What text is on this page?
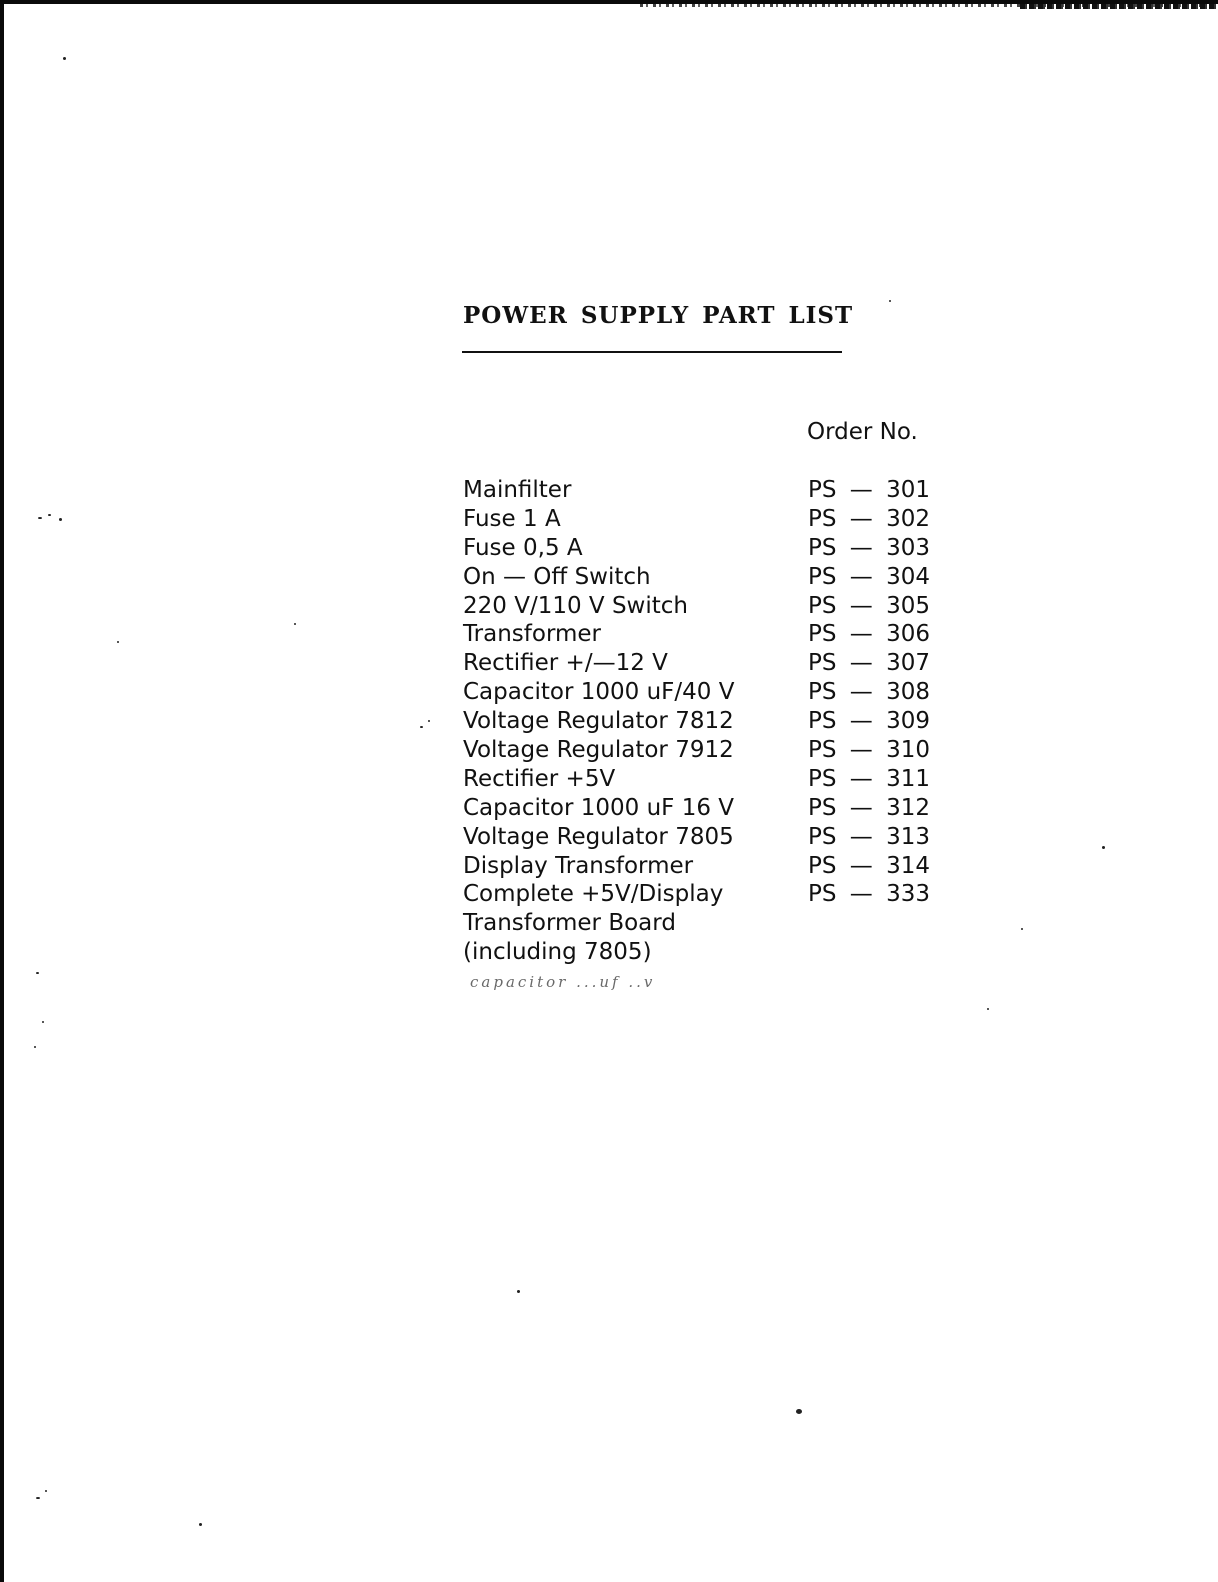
POWER SUPPLY PART LIST
Order No.
Mainfilter	PS — 301
Fuse 1 A	PS — 302
Fuse 0,5 A	PS — 303
On — Off Switch	PS — 304
220 V/110 V Switch	PS — 305
Transformer	PS — 306
Rectifier +/—12 V	PS — 307
Capacitor 1000 uF/40 V	PS — 308
Voltage Regulator 7812	PS — 309
Voltage Regulator 7912	PS — 310
Rectifier +5V	PS — 311
Capacitor 1000 uF 16 V	PS — 312
Voltage Regulator 7805	PS — 313
Display Transformer	PS — 314
Complete +5V/Display	PS — 333
Transformer Board
(including 7805)
capacitor ...uf ..v
